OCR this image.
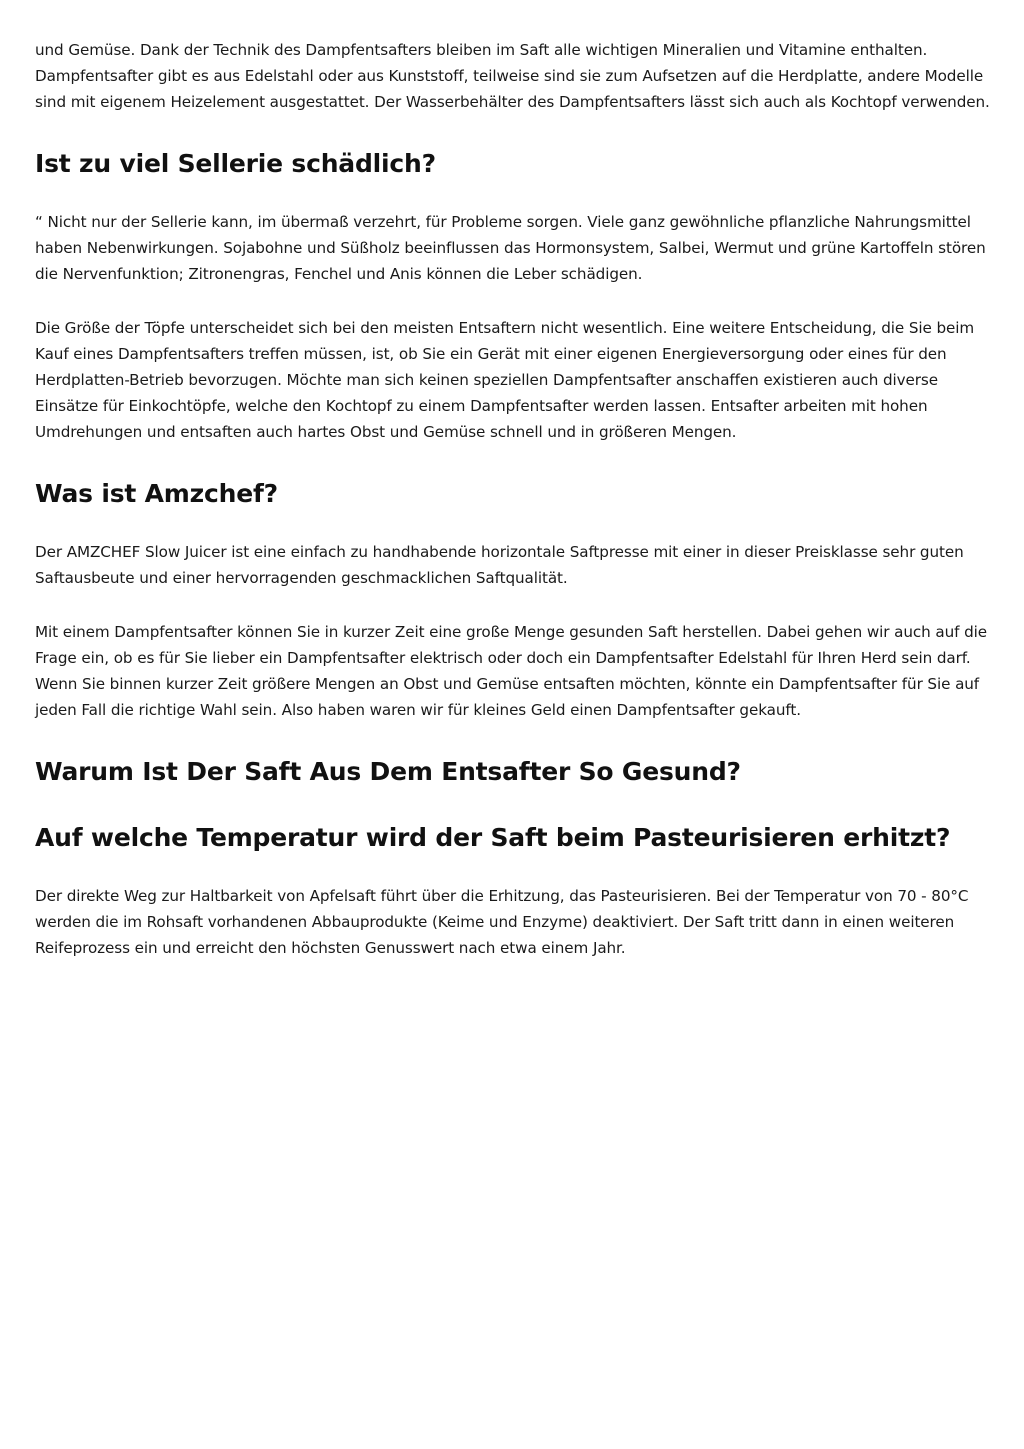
und Gemüse. Dank der Technik des Dampfentsafters bleiben im Saft alle wichtigen Mineralien und Vitamine enthalten. Dampfentsafter gibt es aus Edelstahl oder aus Kunststoff, teilweise sind sie zum Aufsetzen auf die Herdplatte, andere Modelle sind mit eigenem Heizelement ausgestattet. Der Wasserbehälter des Dampfentsafters lässt sich auch als Kochtopf verwenden.

Ist zu viel Sellerie schädlich?

“ Nicht nur der Sellerie kann, im übermaß verzehrt, für Probleme sorgen. Viele ganz gewöhnliche pflanzliche Nahrungsmittel haben Nebenwirkungen. Sojabohne und Süßholz beeinflussen das Hormonsystem, Salbei, Wermut und grüne Kartoffeln stören die Nervenfunktion; Zitronengras, Fenchel und Anis können die Leber schädigen.

Die Größe der Töpfe unterscheidet sich bei den meisten Entsaftern nicht wesentlich. Eine weitere Entscheidung, die Sie beim Kauf eines Dampfentsafters treffen müssen, ist, ob Sie ein Gerät mit einer eigenen Energieversorgung oder eines für den Herdplatten-Betrieb bevorzugen. Möchte man sich keinen speziellen Dampfentsafter anschaffen existieren auch diverse Einsätze für Einkochtöpfe, welche den Kochtopf zu einem Dampfentsafter werden lassen. Entsafter arbeiten mit hohen Umdrehungen und entsaften auch hartes Obst und Gemüse schnell und in größeren Mengen.

Was ist Amzchef?

Der AMZCHEF Slow Juicer ist eine einfach zu handhabende horizontale Saftpresse mit einer in dieser Preisklasse sehr guten Saftausbeute und einer hervorragenden geschmacklichen Saftqualität.

Mit einem Dampfentsafter können Sie in kurzer Zeit eine große Menge gesunden Saft herstellen. Dabei gehen wir auch auf die Frage ein, ob es für Sie lieber ein Dampfentsafter elektrisch oder doch ein Dampfentsafter Edelstahl für Ihren Herd sein darf. Wenn Sie binnen kurzer Zeit größere Mengen an Obst und Gemüse entsaften möchten, könnte ein Dampfentsafter für Sie auf jeden Fall die richtige Wahl sein. Also haben waren wir für kleines Geld einen Dampfentsafter gekauft.

Warum Ist Der Saft Aus Dem Entsafter So Gesund?
Auf welche Temperatur wird der Saft beim Pasteurisieren erhitzt?

Der direkte Weg zur Haltbarkeit von Apfelsaft führt über die Erhitzung, das Pasteurisieren. Bei der Temperatur von 70 - 80°C werden die im Rohsaft vorhandenen Abbauprodukte (Keime und Enzyme) deaktiviert. Der Saft tritt dann in einen weiteren Reifeprozess ein und erreicht den höchsten Genusswert nach etwa einem Jahr.
